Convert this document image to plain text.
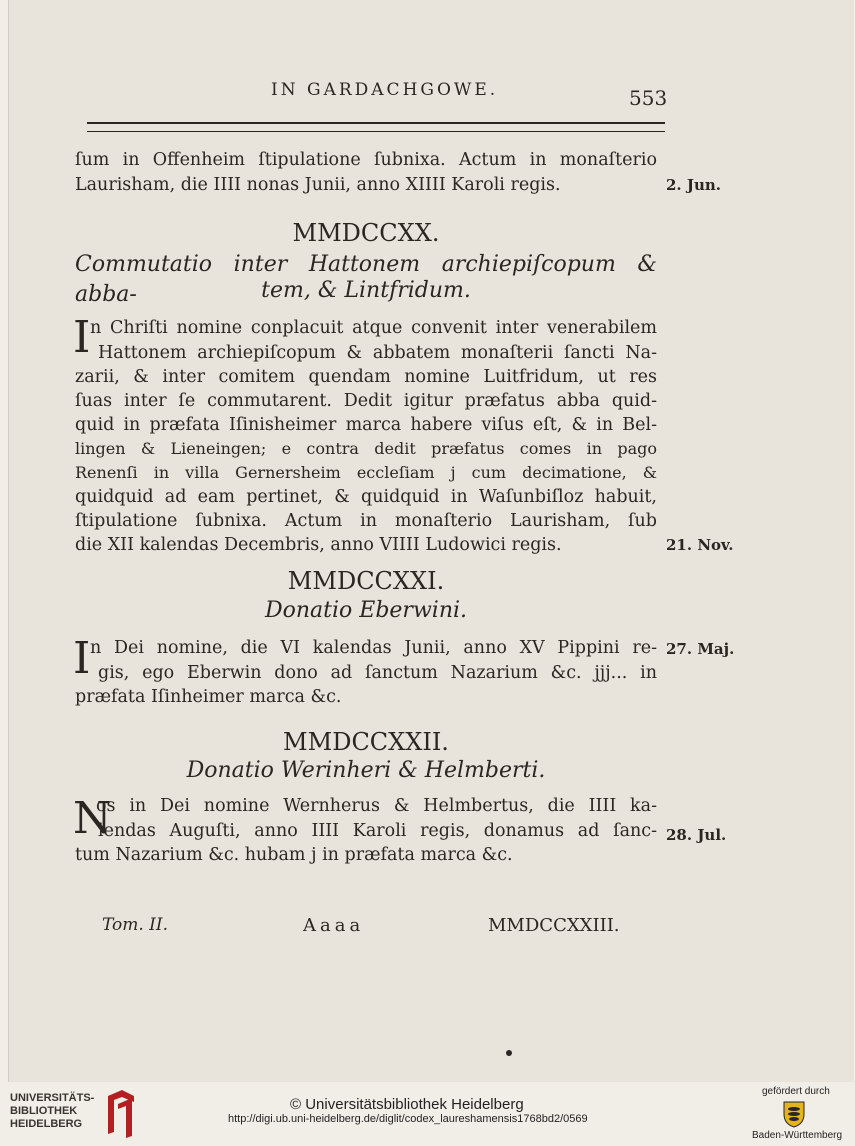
IN GARDACHGOWE.	553
ſum in Offenheim ſtipulatione ſubnixa. Actum in monaſterio
Laurisham, die IIII nonas Junii, anno XIIII Karoli regis.	2. Jun.
MMDCCXX.
Commutatio inter Hattonem archiepiſcopum & abba-	tem, & Lintfridum.
I n Chriſti nomine conplacuit atque convenit inter venerabilem
Hattonem archiepiſcopum & abbatem monaſterii ſancti Na-
zarii, & inter comitem quendam nomine Luitfridum, ut res
ſuas inter ſe commutarent. Dedit igitur præfatus abba quid-
quid in præfata Iſinisheimer marca habere viſus eſt, & in Bel-
lingen & Lieneingen; e contra dedit præfatus comes in pago
Renenſi in villa Gernersheim eccleſiam j cum decimatione, &
quidquid ad eam pertinet, & quidquid in Waſunbiſloz habuit,
ſtipulatione ſubnixa. Actum in monaſterio Laurisham, ſub
die XII kalendas Decembris, anno VIIII Ludowici regis.	21. Nov.
MMDCCXXI.
Donatio Eberwini.
I n Dei nomine, die VI kalendas Junii, anno XV Pippini re-
gis, ego Eberwin dono ad ſanctum Nazarium &c. jjj... in
præfata Iſinheimer marca &c.
27. Maj.
MMDCCXXII.
Donatio Werinheri & Helmberti.
N
os in Dei nomine Wernherus & Helmbertus, die IIII ka-
lendas Auguſti, anno IIII Karoli regis, donamus ad ſanc-
tum Nazarium &c. hubam j in præfata marca &c.
28. Jul.
Tom. II.	Aaaa	MMDCCXXIII.
UNIVERSITÄTS-
BIBLIOTHEK
HEIDELBERG
© Universitätsbibliothek Heidelberg
http://digi.ub.uni-heidelberg.de/diglit/codex_laureshamensis1768bd2/0569
gefördert durch
Baden-Württemberg
